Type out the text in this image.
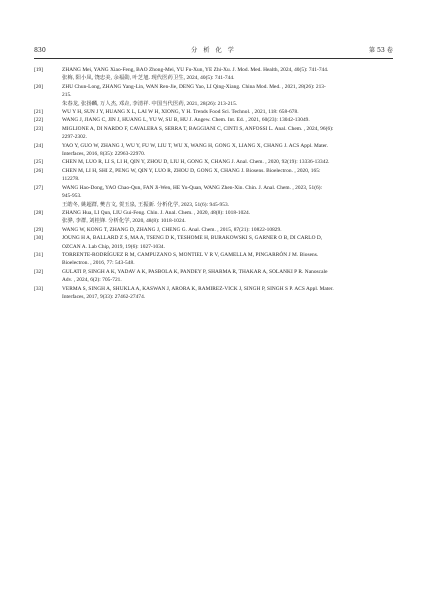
830	分 析 化 学	第 53 卷
[19]	ZHANG Mei, YANG Xiao-Feng, BAO Zhong-Mei, YU Fu-Xun, YE Zhi-Xu. J. Mod. Med. Health, 2024, 40(5): 741-744.
张梅, 阳小凤, 饶忠美, 余福勋, 叶芝旭. 现代医药卫生, 2024, 40(5): 741-744.
[20]	ZHU Chun-Long, ZHANG Yang-Lin, WAN Ren-Jie, DENG Yao, LI Qing-Xiang. China Mod. Med. , 2021, 28(26): 213-
215.
朱春龙, 张扬麟, 万人杰, 邓垚, 李清祥. 中国当代医药, 2021, 28(26): 213-215.
[21]	WU Y H, SUN J Y, HUANG X L, LAI W H, XIONG, Y H. Trends Food Sci. Technol. , 2021, 118: 658-678.
[22]	WANG J, JIANG C, JIN J, HUANG L, YU W, SU B, HU J. Angew. Chem. Int. Ed. , 2021, 60(23): 13042-13049.
[23]	MIGLIONE A, DI NARDO F, CAVALERA S, SERRA T, BAGGIANI C, CINTI S, ANFOSSI L. Anal. Chem. , 2024, 96(6):
2297-2302.
[24]	YAO Y, GUO W, ZHANG J, WU Y, FU W, LIU T, WU X, WANG H, GONG X, LIANG X, CHANG J. ACS Appl. Mater.
Interfaces, 2016, 8(35): 22963-22970.
[25]	CHEN M, LUO R, LI S, LI H, QIN Y, ZHOU D, LIU H, GONG X, CHANG J. Anal. Chem. , 2020, 92(19): 13336-13342.
[26]	CHEN M, LI H, SHI Z, PENG W, QIN Y, LUO R, ZHOU D, GONG X, CHANG J. Biosens. Bioelectron. , 2020, 165:
112278.
[27]	WANG Hao-Dong, YAO Chao-Qun, FAN Ji-Wen, HE Yu-Quan, WANG Zhen-Xin. Chin. J. Anal. Chem. , 2023, 51(6):
945-953.
王皓冬, 姚超群, 樊吉文, 贺玉泉, 王振新. 分析化学, 2023, 51(6): 945-953.
[28]	ZHANG Hua, LI Qun, LIU Gui-Feng. Chin. J. Anal. Chem. , 2020, 48(8): 1018-1024.
张骅, 李群, 刘桂锋. 分析化学, 2020, 48(8): 1018-1024.
[29]	WANG W, KONG T, ZHANG D, ZHANG J, CHENG G. Anal. Chem. , 2015, 87(21): 10822-10829.
[30]	JOUNG H A, BALLARD Z S, MA A, TSENG D K, TESHOME H, BURAKOWSKI S, GARNER O B, DI CARLO D,
OZCAN A. Lab Chip, 2019, 19(6): 1027-1034.
[31]	TORRENTE-RODRÍGUEZ R M, CAMPUZANO S, MONTIEL V R V, GAMELLA M, PINGARRÓN J M. Biosens.
Bioelectron. , 2016, 77: 543-548.
[32]	GULATI P, SINGH A K, YADAV A K, PASBOLA K, PANDEY P, SHARMA R, THAKAR A, SOLANKI P R. Nanoscale
Adv. , 2024, 6(2): 705-721.
[33]	VERMA S, SINGH A, SHUKLA A, KASWAN J, ARORA K, RAMIREZ-VICK J, SINGH P, SINGH S P. ACS Appl. Mater.
Interfaces, 2017, 9(33): 27462-27474.
